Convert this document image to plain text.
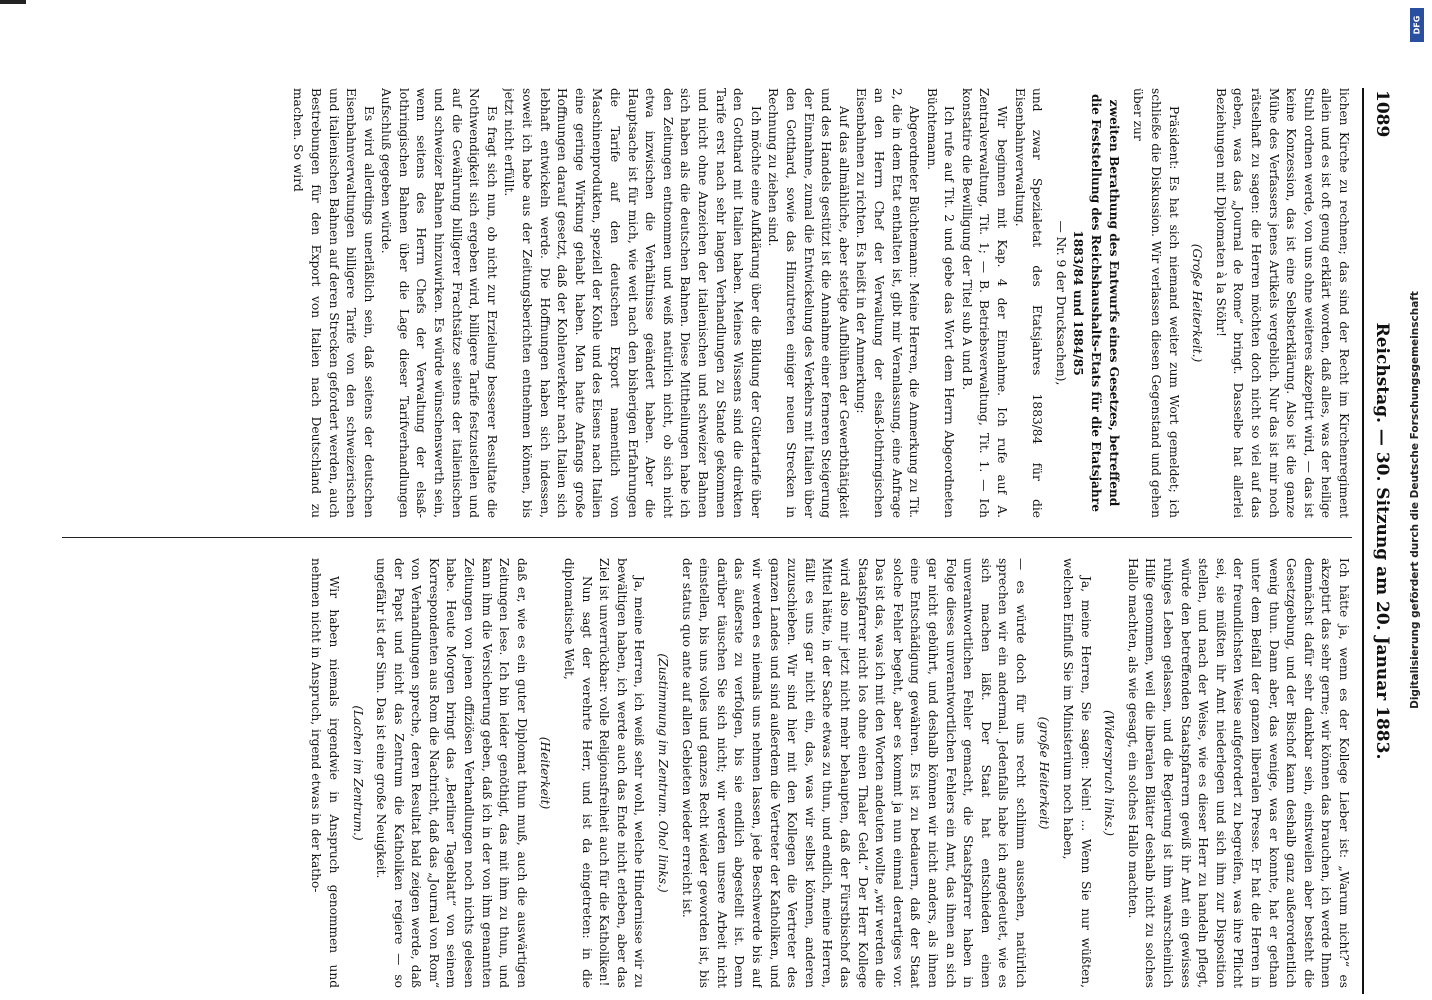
1089
Reichstag. — 30. Sitzung am 20. Januar 1883.

lichen Kirche zu rechnen; das sind der Recht im Kirchenregiment allein und es ist oft genug erklärt worden, daß alles, was der heilige Stuhl ordnen werde, von uns ohne weiteres akzeptirt wird, — das ist keine Konzession, das ist eine Selbsterklärung. Also ist die ganze Mühe des Verfassers jenes Artikels vergeblich. Nur das ist mir noch rätselhaft zu sagen: die Herren möchten doch nicht so viel auf das geben, was das „Journal de Rome“ bringt. Dasselbe hat allerlei Beziehungen mit Diplomaten à la Stöhr!

(Große Heiterkeit.)

Präsident: Es hat sich niemand weiter zum Wort gemeldet; ich schließe die Diskussion. Wir verlassen diesen Gegenstand und gehen über zur

zweiten Berathung des Entwurfs eines Gesetzes, betreffend die Feststellung des Reichshaushalts-Etats für die Etatsjahre 1883/84 und 1884/85

— Nr. 9 der Drucksachen),

und zwar Spezialetat des Etatsjahres 1883/84 für die Eisenbahnverwaltung.

Wir beginnen mit Kap. 4 der Einnahme. Ich rufe auf A. Zentralverwaltung, Tit. 1; — B. Betriebsverwaltung, Tit. 1. — Ich konstatire die Bewilligung der Titel sub A und B.

Ich rufe auf Tit. 2 und gebe das Wort dem Herrn Abgeordneten Büchtemann.

Abgeordneter Büchtemann: Meine Herren, die Anmerkung zu Tit. 2, die in dem Etat enthalten ist, gibt mir Veranlassung, eine Anfrage an den Herrn Chef der Verwaltung der elsaß-lothringischen Eisenbahnen zu richten. Es heißt in der Anmerkung:

Auf das allmähliche, aber stetige Aufblühen der Gewerbthätigkeit und des Handels gestützt ist die Annahme einer ferneren Steigerung der Einnahme, zumal die Entwickelung des Verkehrs mit Italien über den Gotthard, sowie das Hinzutreten einiger neuen Strecken in Rechnung zu ziehen sind.

Ich möchte eine Aufklärung über die Bildung der Gütertarife über den Gotthard mit Italien haben. Meines Wissens sind die direkten Tarife erst nach sehr langen Verhandlungen zu Stande gekommen und nicht ohne Anzeichen der italienischen und schweizer Bahnen sich haben als die deutschen Bahnen. Diese Mittheilungen habe ich den Zeitungen entnommen und weiß natürlich nicht, ob sich nicht etwa inzwischen die Verhältnisse geändert haben. Aber die Hauptsache ist für mich, wie weit nach den bisherigen Erfahrungen die Tarife auf den deutschen Export namentlich von Maschinenprodukten, speziell der Kohle und des Eisens nach Italien eine geringe Wirkung gehabt haben. Man hatte Anfangs große Hoffnungen darauf gesetzt, daß der Kohlenverkehr nach Italien sich lebhaft entwickeln werde. Die Hoffnungen haben sich indessen, soweit ich habe aus der Zeitungsberichten entnehmen können, bis jetzt nicht erfüllt.

Es fragt sich nun, ob nicht zur Erzielung besserer Resultate die Nothwendigkeit sich ergeben wird, billigere Tarife festzustellen und auf die Gewährung billigerer Frachtsätze seitens der italienischen und schweizer Bahnen hinzuwirken. Es würde wünschenswerth sein, wenn seitens des Herrn Chefs der Verwaltung der elsaß-lothringischen Bahnen über die Lage dieser Tarifverhandlungen Aufschluß gegeben würde.

Es wird allerdings unerläßlich sein, daß seitens der deutschen Eisenbahnverwaltungen billigere Tarife von den schweizerischen und italienischen Bahnen auf deren Strecken gefordert werden, auch Bestrebungen für den Export von Italien nach Deutschland zu machen. So wird

Ich hätte ja, wenn es der Kollege Lieber ist: „Warum nicht?“ es akzeptirt das sehr gerne; wir können das brauchen, ich werde Ihnen demnächst dafür sehr dankbar sein, einstweilen aber besteht die Gesetzgebung, und der Bischof kann deshalb ganz außerordentlich wenig thun. Dann aber, das wenige, was er konnte, hat er gethan unter dem Beifall der ganzen liberalen Presse. Er hat die Herren in der freundlichsten Weise aufgefordert zu begreifen, was ihre Pflicht sei, sie müßten ihr Amt niederlegen und sich ihm zur Disposition stellen, und nach der Weise, wie es dieser Herr zu handeln pflegt, würde den betreffenden Staatspfarrern gewiß ihr Amt ein gewisses ruhiges Leben gelassen, und die Regierung ist ihm wahrscheinlich Hilfe genommen, weil die liberalen Blätter deshalb nicht zu solches Hallo machten, als wie gesagt, ein solches Hallo machten.

(Widerspruch links.)

Ja, meine Herren, Sie sagen: Nein! ... Wenn Sie nur wüßten, welchen Einfluß Sie im Ministerium noch haben,

(große Heiterkeit)

— es würde doch für uns recht schlimm aussehen, natürlich sprechen wir ein andermal. Jedenfalls habe ich angedeutet, wie es sich machen läßt. Der Staat hat entschieden einen unverantwortlichen Fehler gemacht, die Staatspfarrer haben in Folge dieses unverantwortlichen Fehlers ein Amt, das ihnen an sich gar nicht gebührt, und deshalb können wir nicht anders, als ihnen eine Entschädigung gewähren. Es ist zu bedauern, daß der Staat solche Fehler begeht, aber es kommt ja nun einmal derartiges vor. Das ist das, was ich mit den Worten andeuten wollte „wir werden die Staatspfarrer nicht los ohne einen Thaler Geld.“ Der Herr Kollege wird also mir jetzt nicht mehr behaupten, daß der Fürstbischof das Mittel hätte, in der Sache etwas zu thun, und endlich, meine Herren, fällt es uns gar nicht ein, das, was wir selbst können, anderen zuzuschieben. Wir sind hier mit den Kollegen die Vertreter des ganzen Landes und sind außerdem die Vertreter der Katholiken, und wir werden es niemals uns nehmen lassen, jede Beschwerde bis auf das äußerste zu verfolgen, bis sie endlich abgestellt ist. Denn darüber täuschen Sie sich nicht; wir werden unsere Arbeit nicht einstellen, bis uns volles und ganzes Recht wieder geworden ist, bis der status quo ante auf allen Gebieten wieder erreicht ist.

(Zustimmung im Zentrum. Oho! links.)

Ja, meine Herren, ich weiß sehr wohl, welche Hindernisse wir zu bewältigen haben, ich werde auch das Ende nicht erleben, aber das Ziel ist unverrückbar: volle Religionsfreiheit auch für die Katholiken!

Nun sagt der verehrte Herr, und ist da eingetreten: in die diplomatische Welt,

(Heiterkeit)

daß er, wie es ein guter Diplomat thun muß, auch die auswärtigen Zeitungen lese. Ich bin leider genöthigt, das mit ihm zu thun, und kann ihm die Versicherung geben, daß ich in der von ihm genannten Zeitungen von jenen offiziösen Verhandlungen noch nichts gelesen habe. Heute Morgen bringt das „Berliner Tageblatt“ von seinem Korrespondenten aus Rom die Nachricht, daß das „Journal von Rom“ von Verhandlungen spreche, deren Resultat bald zeigen werde, daß der Papst und nicht das Zentrum die Katholiken regiere — so ungefähr ist der Sinn. Das ist eine große Neuigkeit.

(Lachen im Zentrum.)

Wir haben niemals irgendwie in Anspruch genommen und nehmen nicht in Anspruch, irgend etwas in der katho-

Digitalisierung gefördert durch die Deutsche Forschungsgemeinschaft
DFG
